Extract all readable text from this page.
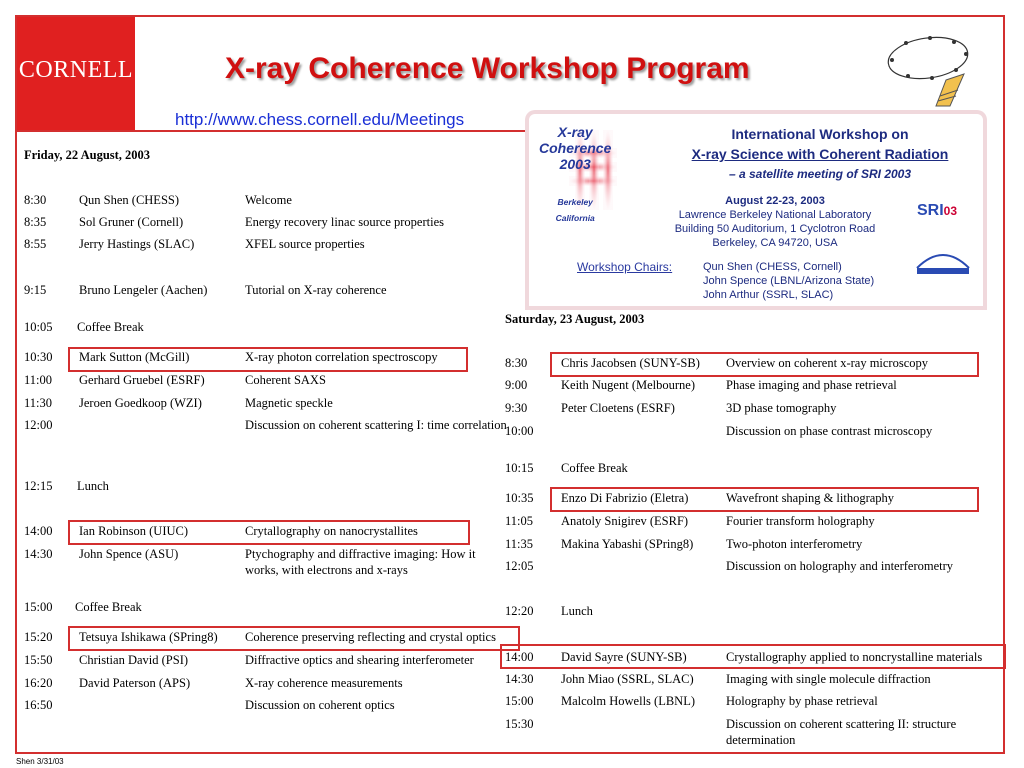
CORNELL	X-ray Coherence Workshop Program
http://www.chess.cornell.edu/Meetings
X-ray
Coherence
2003
Berkeley
California
International Workshop on
X-ray Science with Coherent Radiation
– a satellite meeting of SRI 2003
August 22-23, 2003
Lawrence Berkeley National Laboratory
Building 50 Auditorium, 1 Cyclotron Road
Berkeley, CA 94720, USA
SRI03
Workshop Chairs:	Qun Shen (CHESS, Cornell)
John Spence (LBNL/Arizona State)
John Arthur (SSRL, SLAC)
Friday, 22 August, 2003
8:30	Qun Shen (CHESS)	Welcome
8:35	Sol Gruner (Cornell)	Energy recovery linac source properties
8:55	Jerry Hastings (SLAC)	XFEL source properties
9:15	Bruno Lengeler (Aachen)	Tutorial on X-ray coherence
10:05 Coffee Break
10:30 Mark Sutton (McGill)	X-ray photon correlation spectroscopy
11:00 Gerhard Gruebel (ESRF)	Coherent SAXS
11:30 Jeroen Goedkoop (WZI)	Magnetic speckle
12:00	Discussion on coherent scattering I: time correlation
12:15 Lunch
14:00 Ian Robinson (UIUC)	Crytallography on nanocrystallites
14:30 John Spence (ASU)	Ptychography and diffractive imaging: How it works, with electrons and x-rays
15:00 Coffee Break
15:20 Tetsuya Ishikawa (SPring8) Coherence preserving reflecting and crystal optics
15:50 Christian David (PSI)	Diffractive optics and shearing interferometer
16:20 David Paterson (APS)	X-ray coherence measurements
16:50	Discussion on coherent optics
Saturday, 23 August, 2003
8:30	Chris Jacobsen (SUNY-SB) Overview on coherent x-ray microscopy
9:00	Keith Nugent (Melbourne) Phase imaging and phase retrieval
9:30	Peter Cloetens (ESRF)	3D phase tomography
10:00	Discussion on phase contrast microscopy
10:15 Coffee Break
10:35 Enzo Di Fabrizio (Eletra)	Wavefront shaping & lithography
11:05 Anatoly Snigirev (ESRF)	Fourier transform holography
11:35 Makina Yabashi (SPring8)	Two-photon interferometry
12:05	Discussion on holography and interferometry
12:20 Lunch
14:00 David Sayre (SUNY-SB)	Crystallography applied to noncrystalline materials
14:30 John Miao (SSRL, SLAC)	Imaging with single molecule diffraction
15:00 Malcolm Howells (LBNL) Holography by phase retrieval
15:30	Discussion on coherent scattering II: structure determination
Shen 3/31/03
